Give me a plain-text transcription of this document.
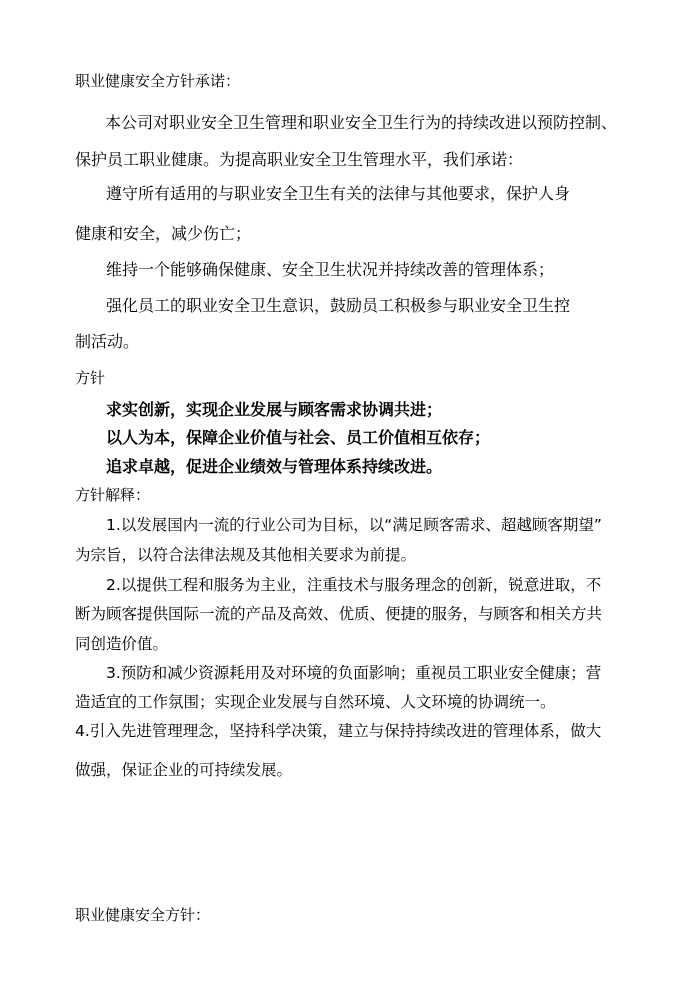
职业健康安全方针承诺：
本公司对职业安全卫生管理和职业安全卫生行为的持续改进以预防控制、
保护员工职业健康。为提高职业安全卫生管理水平，我们承诺：
遵守所有适用的与职业安全卫生有关的法律与其他要求，保护人身
健康和安全，减少伤亡；
维持一个能够确保健康、安全卫生状况并持续改善的管理体系；
强化员工的职业安全卫生意识，鼓励员工积极参与职业安全卫生控
制活动。
方针
求实创新，实现企业发展与顾客需求协调共进；
以人为本，保障企业价值与社会、员工价值相互依存；
追求卓越，促进企业绩效与管理体系持续改进。
方针解释：
1.以发展国内一流的行业公司为目标，以“满足顾客需求、超越顾客期望”
为宗旨，以符合法律法规及其他相关要求为前提。
2.以提供工程和服务为主业，注重技术与服务理念的创新，锐意进取，不
断为顾客提供国际一流的产品及高效、优质、便捷的服务，与顾客和相关方共
同创造价值。
3.预防和减少资源耗用及对环境的负面影响；重视员工职业安全健康；营
造适宜的工作氛围；实现企业发展与自然环境、人文环境的协调统一。
4.引入先进管理理念，坚持科学决策，建立与保持持续改进的管理体系，做大
做强，保证企业的可持续发展。
职业健康安全方针：
